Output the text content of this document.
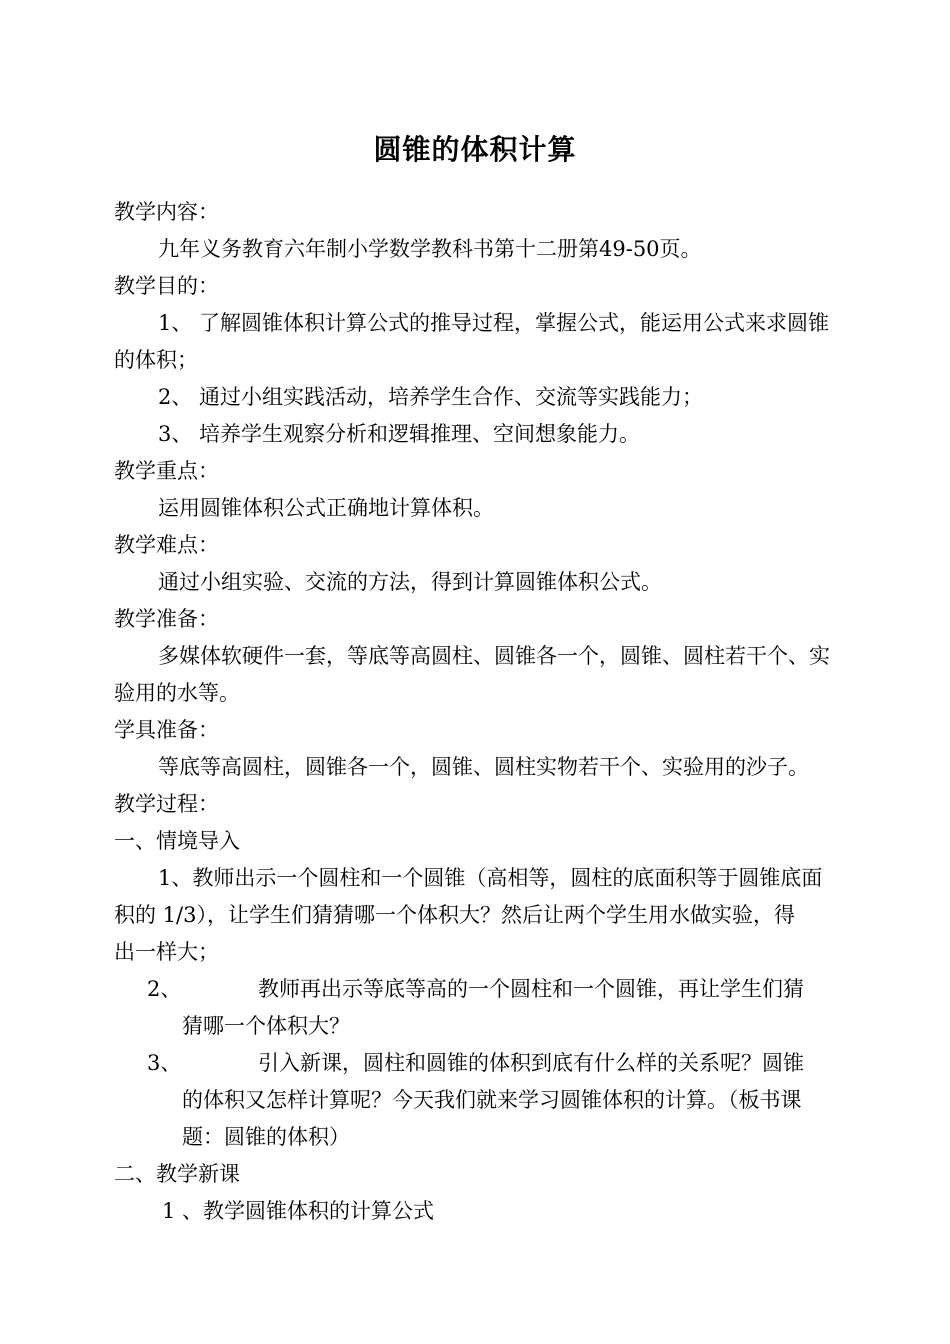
圆锥的体积计算
教学内容：
九年义务教育六年制小学数学教科书第十二册第49-50页。
教学目的：
1、 了解圆锥体积计算公式的推导过程，掌握公式，能运用公式来求圆锥
的体积；
2、 通过小组实践活动，培养学生合作、交流等实践能力；
3、 培养学生观察分析和逻辑推理、空间想象能力。
教学重点：
运用圆锥体积公式正确地计算体积。
教学难点：
通过小组实验、交流的方法，得到计算圆锥体积公式。
教学准备：
多媒体软硬件一套，等底等高圆柱、圆锥各一个，圆锥、圆柱若干个、实
验用的水等。
学具准备：
等底等高圆柱，圆锥各一个，圆锥、圆柱实物若干个、实验用的沙子。
教学过程：
一、情境导入
1、教师出示一个圆柱和一个圆锥（高相等，圆柱的底面积等于圆锥底面
积的 1/3），让学生们猜猜哪一个体积大？然后让两个学生用水做实验，得
出一样大；
2、	教师再出示等底等高的一个圆柱和一个圆锥，再让学生们猜
猜哪一个体积大？
3、	引入新课，圆柱和圆锥的体积到底有什么样的关系呢？圆锥
的体积又怎样计算呢？今天我们就来学习圆锥体积的计算。（板书课
题：圆锥的体积）
二、教学新课
1 、教学圆锥体积的计算公式
